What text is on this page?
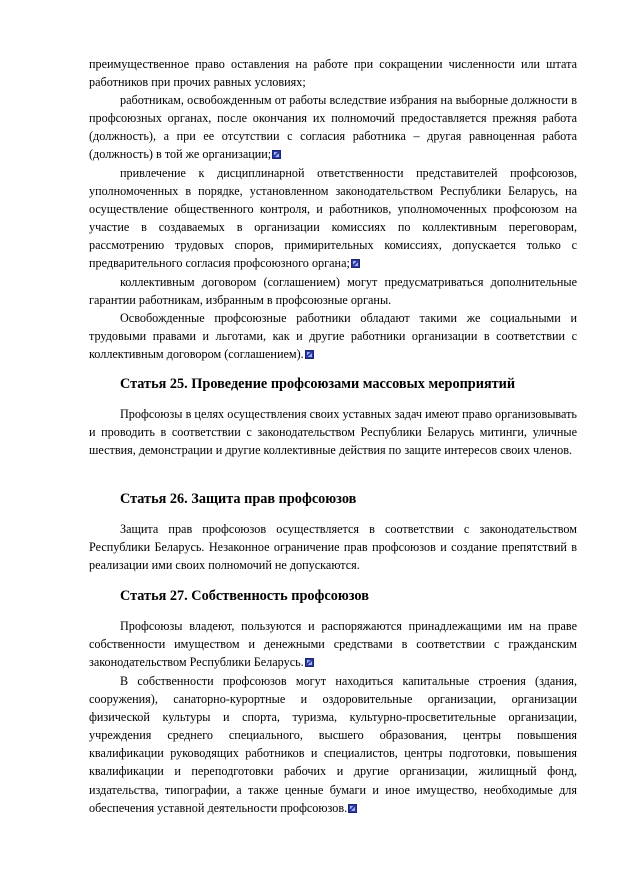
преимущественное право оставления на работе при сокращении численности или штата работников при прочих равных условиях;

работникам, освобожденным от работы вследствие избрания на выборные должности в профсоюзных органах, после окончания их полномочий предоставляется прежняя работа (должность), а при ее отсутствии с согласия работника – другая равноценная работа (должность) в той же организации;

привлечение к дисциплинарной ответственности представителей профсоюзов, уполномоченных в порядке, установленном законодательством Республики Беларусь, на осуществление общественного контроля, и работников, уполномоченных профсоюзом на участие в создаваемых в организации комиссиях по коллективным переговорам, рассмотрению трудовых споров, примирительных комиссиях, допускается только с предварительного согласия профсоюзного органа;

коллективным договором (соглашением) могут предусматриваться дополнительные гарантии работникам, избранным в профсоюзные органы.

Освобожденные профсоюзные работники обладают такими же социальными и трудовыми правами и льготами, как и другие работники организации в соответствии с коллективным договором (соглашением).

Статья 25. Проведение профсоюзами массовых мероприятий

Профсоюзы в целях осуществления своих уставных задач имеют право организовывать и проводить в соответствии с законодательством Республики Беларусь митинги, уличные шествия, демонстрации и другие коллективные действия по защите интересов своих членов.

Статья 26. Защита прав профсоюзов

Защита прав профсоюзов осуществляется в соответствии с законодательством Республики Беларусь. Незаконное ограничение прав профсоюзов и создание препятствий в реализации ими своих полномочий не допускаются.

Статья 27. Собственность профсоюзов

Профсоюзы владеют, пользуются и распоряжаются принадлежащими им на праве собственности имуществом и денежными средствами в соответствии с гражданским законодательством Республики Беларусь.

В собственности профсоюзов могут находиться капитальные строения (здания, сооружения), санаторно-курортные и оздоровительные организации, организации физической культуры и спорта, туризма, культурно-просветительные организации, учреждения среднего специального, высшего образования, центры повышения квалификации руководящих работников и специалистов, центры подготовки, повышения квалификации и переподготовки рабочих и другие организации, жилищный фонд, издательства, типографии, а также ценные бумаги и иное имущество, необходимые для обеспечения уставной деятельности профсоюзов.
